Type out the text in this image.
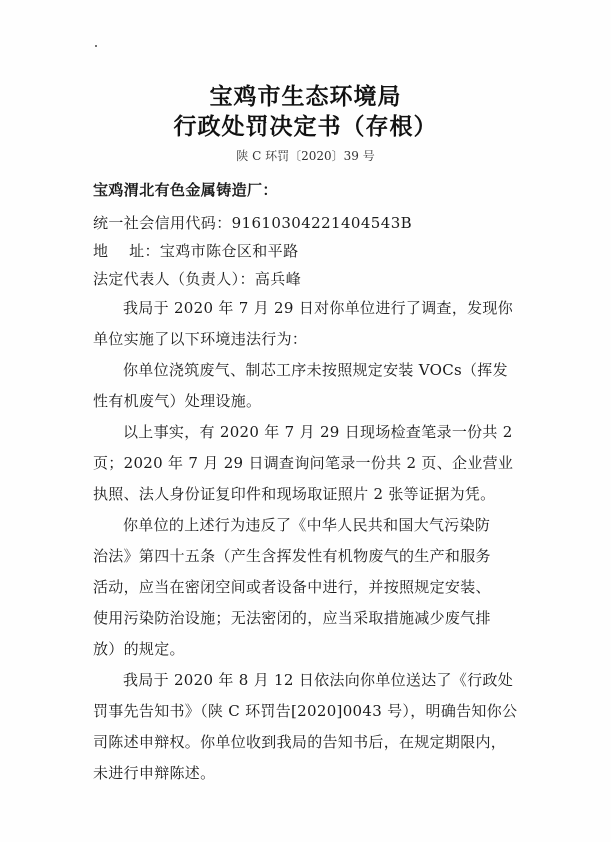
宝鸡市生态环境局
行政处罚决定书（存根）
陕 C 环罚〔2020〕39 号
宝鸡渭北有色金属铸造厂：
统一社会信用代码：91610304221404543B
地    址：宝鸡市陈仓区和平路
法定代表人（负责人）：高兵峰
我局于 2020 年 7 月 29 日对你单位进行了调查，发现你
单位实施了以下环境违法行为：
你单位浇筑废气、制芯工序未按照规定安装 VOCs（挥发
性有机废气）处理设施。
以上事实，有 2020 年 7 月 29 日现场检查笔录一份共 2
页；2020 年 7 月 29 日调查询问笔录一份共 2 页、企业营业
执照、法人身份证复印件和现场取证照片 2 张等证据为凭。
你单位的上述行为违反了《中华人民共和国大气污染防
治法》第四十五条（产生含挥发性有机物废气的生产和服务
活动，应当在密闭空间或者设备中进行，并按照规定安装、
使用污染防治设施；无法密闭的，应当采取措施减少废气排
放）的规定。
我局于 2020 年 8 月 12 日依法向你单位送达了《行政处
罚事先告知书》（陕 C 环罚告[2020]0043 号），明确告知你公
司陈述申辩权。你单位收到我局的告知书后，在规定期限内，
未进行申辩陈述。
